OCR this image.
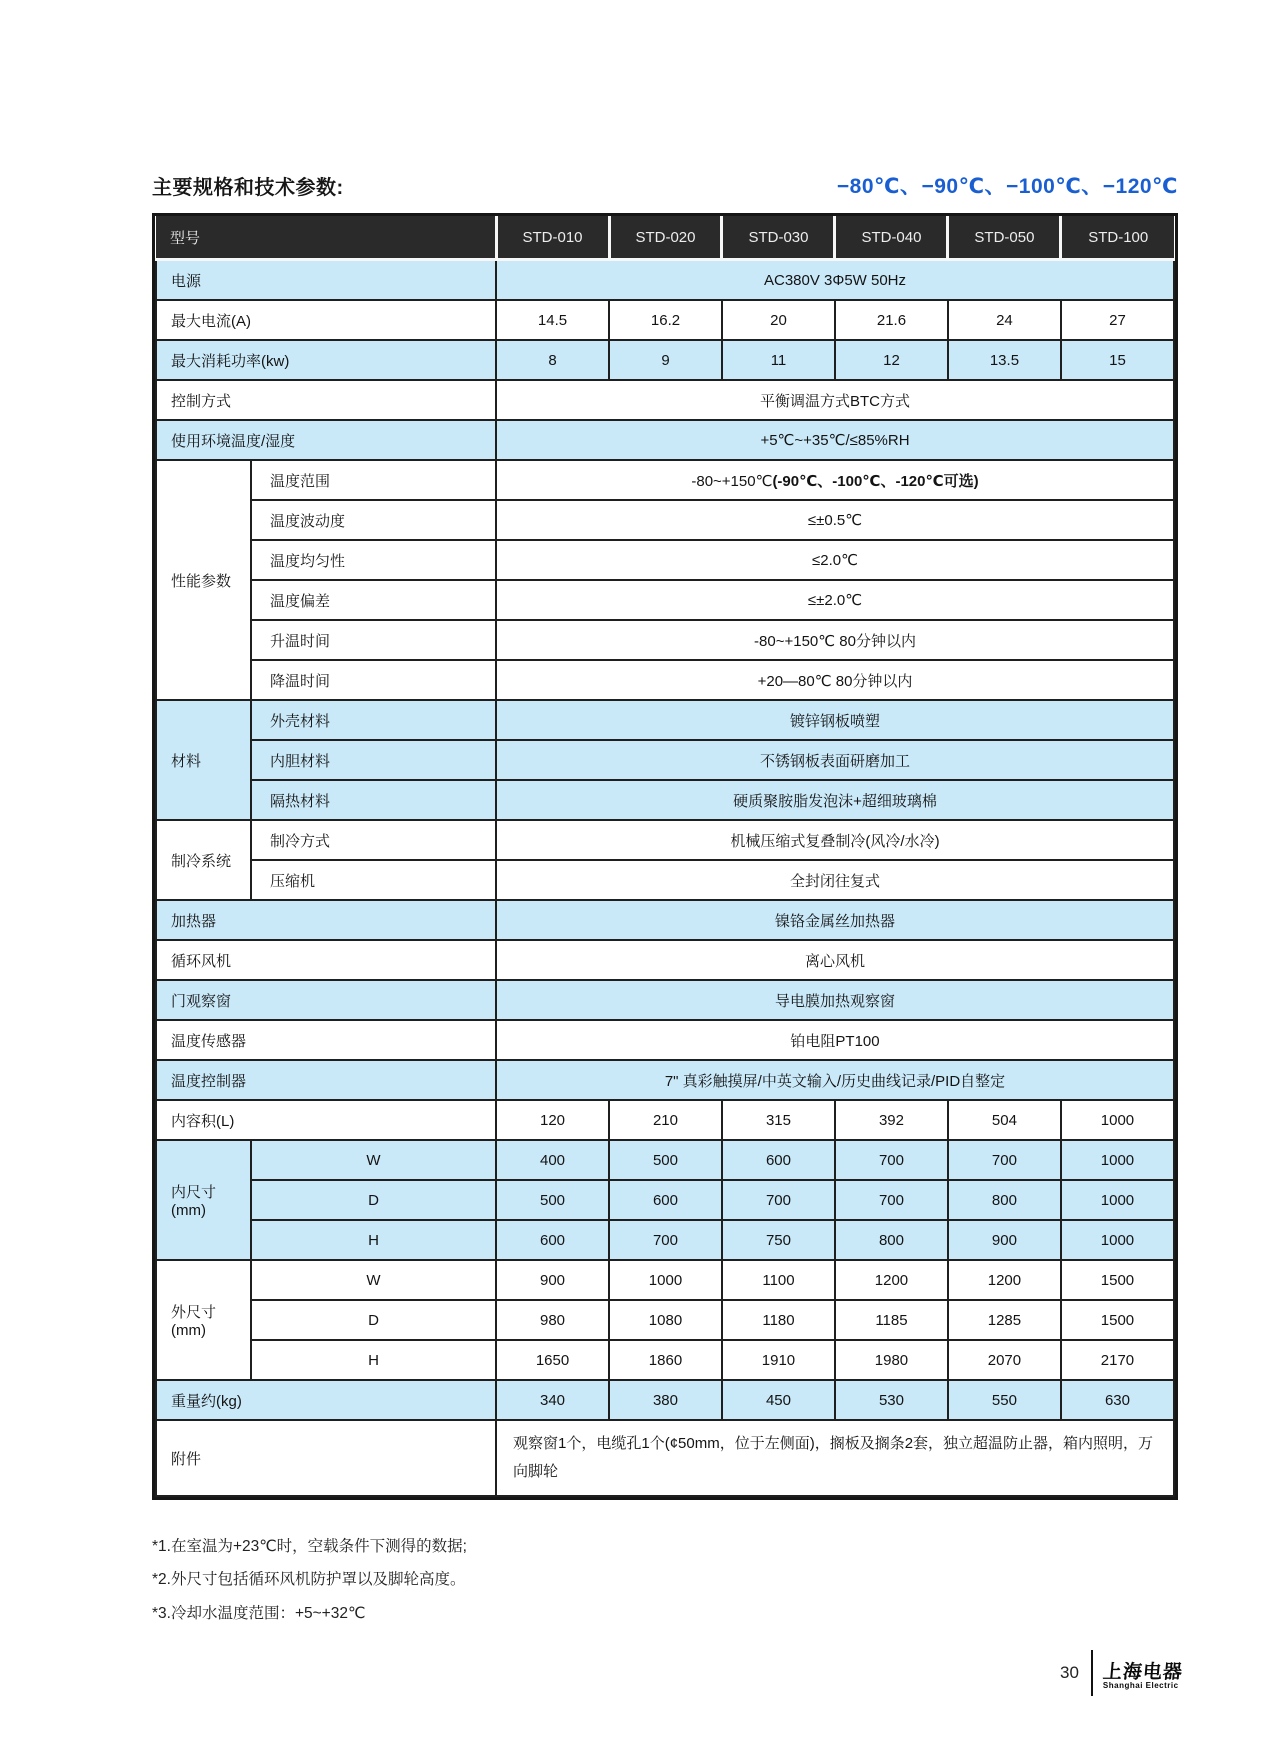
主要规格和技术参数:	−80℃、−90℃、−100℃、−120℃
型号		STD-010	STD-020	STD-030	STD-040	STD-050	STD-100
电源		AC380V 3Φ5W 50Hz					
最大电流(A)		14.5	16.2	20	21.6	24	27
最大消耗功率(kw)		8	9	11	12	13.5	15
控制方式		平衡调温方式BTC方式					
使用环境温度/湿度		+5℃~+35℃/≤85%RH					
性能参数	温度范围	-80~+150℃(-90℃、-100℃、-120℃可选)					
	温度波动度	≤±0.5℃					
	温度均匀性	≤2.0℃					
	温度偏差	≤±2.0℃					
	升温时间	-80~+150℃ 80分钟以内					
	降温时间	+20—80℃ 80分钟以内					
材料	外壳材料	镀锌钢板喷塑					
	内胆材料	不锈钢板表面研磨加工					
	隔热材料	硬质聚胺脂发泡沫+超细玻璃棉					
制冷系统	制冷方式	机械压缩式复叠制冷(风冷/水冷)					
	压缩机	全封闭往复式					
加热器		镍铬金属丝加热器					
循环风机		离心风机					
门观察窗		导电膜加热观察窗					
温度传感器		铂电阻PT100					
温度控制器		7" 真彩触摸屏/中英文输入/历史曲线记录/PID自整定					
内容积(L)		120	210	315	392	504	1000
内尺寸(mm)	W	400	500	600	700	700	1000
	D	500	600	700	700	800	1000
	H	600	700	750	800	900	1000
外尺寸(mm)	W	900	1000	1100	1200	1200	1500
	D	980	1080	1180	1185	1285	1500
	H	1650	1860	1910	1980	2070	2170
重量约(kg)		340	380	450	530	550	630
附件		观察窗1个，电缆孔1个(¢50mm，位于左侧面)，搁板及搁条2套，独立超温防止器，箱内照明，万向脚轮					
*1.在室温为+23℃时，空载条件下测得的数据;
*2.外尺寸包括循环风机防护罩以及脚轮高度。
*3.冷却水温度范围：+5~+32℃
30 上海电器
Shanghai Electric
